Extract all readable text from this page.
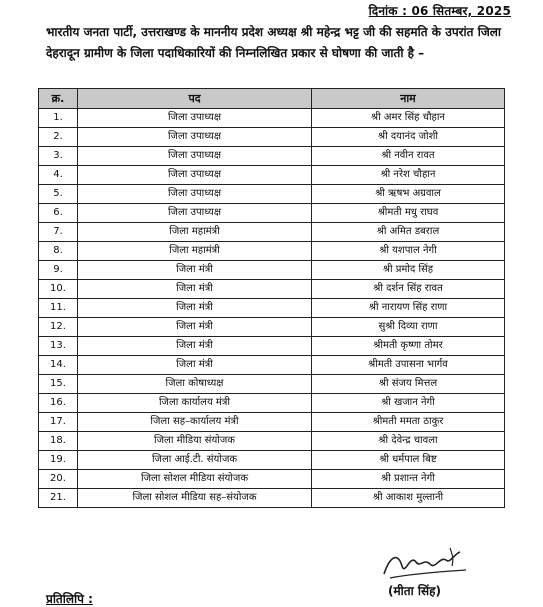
दिनांक : 06 सितम्बर, 2025
भारतीय जनता पार्टी, उत्तराखण्ड के माननीय प्रदेश अध्यक्ष श्री महेन्द्र भट्ट जी की सहमति के उपरांत जिला देहरादून ग्रामीण के जिला पदाधिकारियों की निम्नलिखित प्रकार से घोषणा की जाती है –
क्र.	पद	नाम
1.	जिला उपाध्यक्ष	श्री अमर सिंह चौहान
2.	जिला उपाध्यक्ष	श्री दयानंद जोशी
3.	जिला उपाध्यक्ष	श्री नवीन रावत
4.	जिला उपाध्यक्ष	श्री नरेश चौहान
5.	जिला उपाध्यक्ष	श्री ऋषभ अग्रवाल
6.	जिला उपाध्यक्ष	श्रीमती मधु राघव
7.	जिला महामंत्री	श्री अमित डबराल
8.	जिला महामंत्री	श्री यशपाल नेगी
9.	जिला मंत्री	श्री प्रमोद सिंह
10.	जिला मंत्री	श्री दर्शन सिंह रावत
11.	जिला मंत्री	श्री नारायण सिंह राणा
12.	जिला मंत्री	सुश्री दिव्या राणा
13.	जिला मंत्री	श्रीमती कृष्णा तोमर
14.	जिला मंत्री	श्रीमती उपासना भार्गव
15.	जिला कोषाध्यक्ष	श्री संजय मित्तल
16.	जिला कार्यालय मंत्री	श्री खजान नेगी
17.	जिला सह–कार्यालय मंत्री	श्रीमती ममता ठाकुर
18.	जिला मीडिया संयोजक	श्री देवेन्द्र चावला
19.	जिला आई.टी. संयोजक	श्री धर्मपाल बिष्ट
20.	जिला सोशल मीडिया संयोजक	श्री प्रशान्त नेगी
21.	जिला सोशल मीडिया सह–संयोजक	श्री आकाश मुल्तानी
(मीता सिंह)
प्रतिलिपि :
